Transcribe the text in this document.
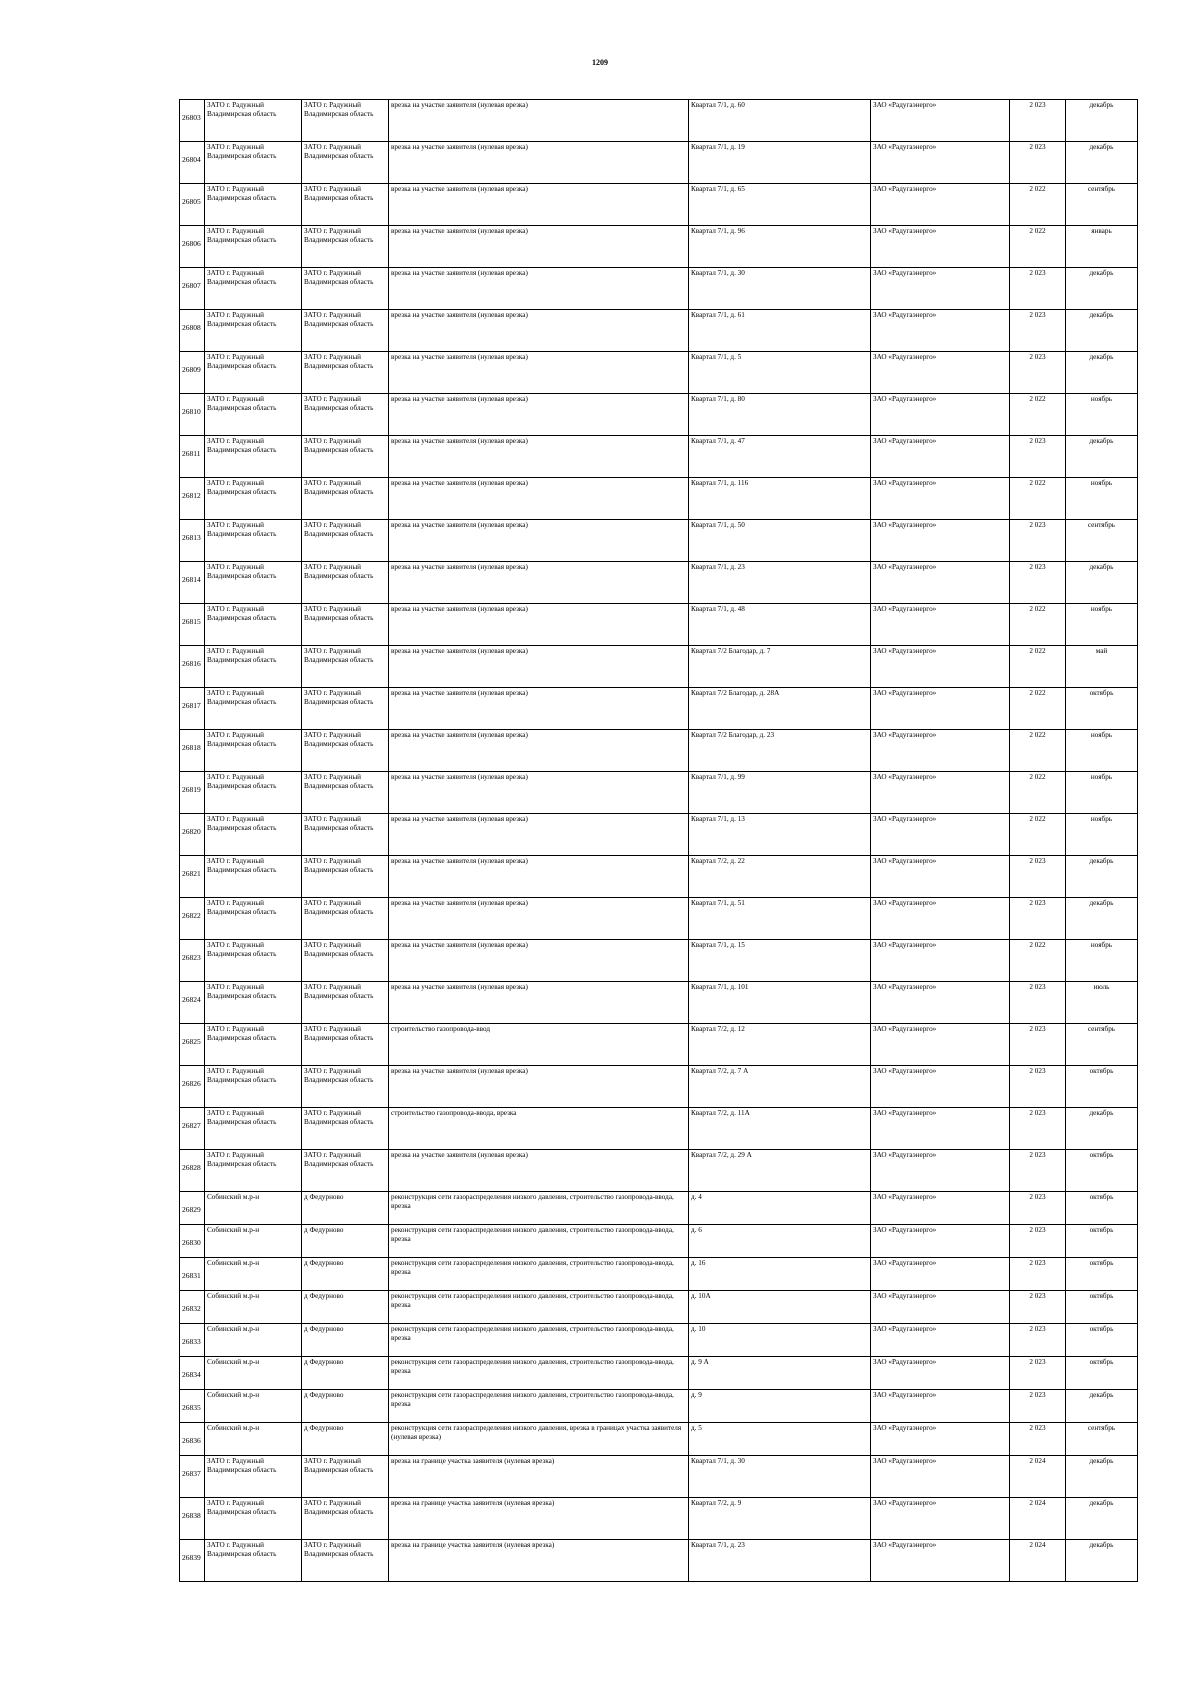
1209
26803	ЗАТО г. Радужный Владимирская область	ЗАТО г. Радужный Владимирская область	врезка на участке заявителя (нулевая врезка)	Квартал 7/1, д. 60	ЗАО «Радугаэнерго»	2 023	декабрь
26804	ЗАТО г. Радужный Владимирская область	ЗАТО г. Радужный Владимирская область	врезка на участке заявителя (нулевая врезка)	Квартал 7/1, д. 19	ЗАО «Радугаэнерго»	2 023	декабрь
26805	ЗАТО г. Радужный Владимирская область	ЗАТО г. Радужный Владимирская область	врезка на участке заявителя (нулевая врезка)	Квартал 7/1, д. 65	ЗАО «Радугаэнерго»	2 022	сентябрь
26806	ЗАТО г. Радужный Владимирская область	ЗАТО г. Радужный Владимирская область	врезка на участке заявителя (нулевая врезка)	Квартал 7/1, д. 96	ЗАО «Радугаэнерго»	2 022	январь
26807	ЗАТО г. Радужный Владимирская область	ЗАТО г. Радужный Владимирская область	врезка на участке заявителя (нулевая врезка)	Квартал 7/1, д. 30	ЗАО «Радугаэнерго»	2 023	декабрь
26808	ЗАТО г. Радужный Владимирская область	ЗАТО г. Радужный Владимирская область	врезка на участке заявителя (нулевая врезка)	Квартал 7/1, д. 61	ЗАО «Радугаэнерго»	2 023	декабрь
26809	ЗАТО г. Радужный Владимирская область	ЗАТО г. Радужный Владимирская область	врезка на участке заявителя (нулевая врезка)	Квартал 7/1, д. 5	ЗАО «Радугаэнерго»	2 023	декабрь
26810	ЗАТО г. Радужный Владимирская область	ЗАТО г. Радужный Владимирская область	врезка на участке заявителя (нулевая врезка)	Квартал 7/1, д. 80	ЗАО «Радугаэнерго»	2 022	ноябрь
26811	ЗАТО г. Радужный Владимирская область	ЗАТО г. Радужный Владимирская область	врезка на участке заявителя (нулевая врезка)	Квартал 7/1, д. 47	ЗАО «Радугаэнерго»	2 023	декабрь
26812	ЗАТО г. Радужный Владимирская область	ЗАТО г. Радужный Владимирская область	врезка на участке заявителя (нулевая врезка)	Квартал 7/1, д. 116	ЗАО «Радугаэнерго»	2 022	ноябрь
26813	ЗАТО г. Радужный Владимирская область	ЗАТО г. Радужный Владимирская область	врезка на участке заявителя (нулевая врезка)	Квартал 7/1, д. 50	ЗАО «Радугаэнерго»	2 023	сентябрь
26814	ЗАТО г. Радужный Владимирская область	ЗАТО г. Радужный Владимирская область	врезка на участке заявителя (нулевая врезка)	Квартал 7/1, д. 23	ЗАО «Радугаэнерго»	2 023	декабрь
26815	ЗАТО г. Радужный Владимирская область	ЗАТО г. Радужный Владимирская область	врезка на участке заявителя (нулевая врезка)	Квартал 7/1, д. 48	ЗАО «Радугаэнерго»	2 022	ноябрь
26816	ЗАТО г. Радужный Владимирская область	ЗАТО г. Радужный Владимирская область	врезка на участке заявителя (нулевая врезка)	Квартал 7/2 Благодар, д. 7	ЗАО «Радугаэнерго»	2 022	май
26817	ЗАТО г. Радужный Владимирская область	ЗАТО г. Радужный Владимирская область	врезка на участке заявителя (нулевая врезка)	Квартал 7/2 Благодар, д. 28А	ЗАО «Радугаэнерго»	2 022	октябрь
26818	ЗАТО г. Радужный Владимирская область	ЗАТО г. Радужный Владимирская область	врезка на участке заявителя (нулевая врезка)	Квартал 7/2 Благодар, д. 23	ЗАО «Радугаэнерго»	2 022	ноябрь
26819	ЗАТО г. Радужный Владимирская область	ЗАТО г. Радужный Владимирская область	врезка на участке заявителя (нулевая врезка)	Квартал 7/1, д. 99	ЗАО «Радугаэнерго»	2 022	ноябрь
26820	ЗАТО г. Радужный Владимирская область	ЗАТО г. Радужный Владимирская область	врезка на участке заявителя (нулевая врезка)	Квартал 7/1, д. 13	ЗАО «Радугаэнерго»	2 022	ноябрь
26821	ЗАТО г. Радужный Владимирская область	ЗАТО г. Радужный Владимирская область	врезка на участке заявителя (нулевая врезка)	Квартал 7/2, д. 22	ЗАО «Радугаэнерго»	2 023	декабрь
26822	ЗАТО г. Радужный Владимирская область	ЗАТО г. Радужный Владимирская область	врезка на участке заявителя (нулевая врезка)	Квартал 7/1, д. 51	ЗАО «Радугаэнерго»	2 023	декабрь
26823	ЗАТО г. Радужный Владимирская область	ЗАТО г. Радужный Владимирская область	врезка на участке заявителя (нулевая врезка)	Квартал 7/1, д. 15	ЗАО «Радугаэнерго»	2 022	ноябрь
26824	ЗАТО г. Радужный Владимирская область	ЗАТО г. Радужный Владимирская область	врезка на участке заявителя (нулевая врезка)	Квартал 7/1, д. 101	ЗАО «Радугаэнерго»	2 023	июль
26825	ЗАТО г. Радужный Владимирская область	ЗАТО г. Радужный Владимирская область	строительство газопровода-ввод	Квартал 7/2, д. 12	ЗАО «Радугаэнерго»	2 023	сентябрь
26826	ЗАТО г. Радужный Владимирская область	ЗАТО г. Радужный Владимирская область	врезка на участке заявителя (нулевая врезка)	Квартал 7/2, д. 7 А	ЗАО «Радугаэнерго»	2 023	октябрь
26827	ЗАТО г. Радужный Владимирская область	ЗАТО г. Радужный Владимирская область	строительство газопровода-ввода, врезка	Квартал 7/2, д. 11А	ЗАО «Радугаэнерго»	2 023	декабрь
26828	ЗАТО г. Радужный Владимирская область	ЗАТО г. Радужный Владимирская область	врезка на участке заявителя (нулевая врезка)	Квартал 7/2, д. 29 А	ЗАО «Радугаэнерго»	2 023	октябрь
26829	Собинский м.р-н	д Федурново	реконструкция сети газораспределения низкого давления, строительство газопровода-ввода, врезка	д. 4	ЗАО «Радугаэнерго»	2 023	октябрь
26830	Собинский м.р-н	д Федурново	реконструкция сети газораспределения низкого давления, строительство газопровода-ввода, врезка	д. 6	ЗАО «Радугаэнерго»	2 023	октябрь
26831	Собинский м.р-н	д Федурново	реконструкция сети газораспределения низкого давления, строительство газопровода-ввода, врезка	д. 16	ЗАО «Радугаэнерго»	2 023	октябрь
26832	Собинский м.р-н	д Федурново	реконструкция сети газораспределения низкого давления, строительство газопровода-ввода, врезка	д. 10А	ЗАО «Радугаэнерго»	2 023	октябрь
26833	Собинский м.р-н	д Федурново	реконструкция сети газораспределения низкого давления, строительство газопровода-ввода, врезка	д. 10	ЗАО «Радугаэнерго»	2 023	октябрь
26834	Собинский м.р-н	д Федурново	реконструкция сети газораспределения низкого давления, строительство газопровода-ввода, врезка	д. 9 А	ЗАО «Радугаэнерго»	2 023	октябрь
26835	Собинский м.р-н	д Федурново	реконструкция сети газораспределения низкого давления, строительство газопровода-ввода, врезка	д. 9	ЗАО «Радугаэнерго»	2 023	декабрь
26836	Собинский м.р-н	д Федурново	реконструкция сети газораспределения низкого давления, врезка в границах участка заявителя (нулевая врезка)	д. 5	ЗАО «Радугаэнерго»	2 023	сентябрь
26837	ЗАТО г. Радужный Владимирская область	ЗАТО г. Радужный Владимирская область	врезка на границе участка заявителя (нулевая врезка)	Квартал 7/1, д. 30	ЗАО «Радугаэнерго»	2 024	декабрь
26838	ЗАТО г. Радужный Владимирская область	ЗАТО г. Радужный Владимирская область	врезка на границе участка заявителя (нулевая врезка)	Квартал 7/2, д. 9	ЗАО «Радугаэнерго»	2 024	декабрь
26839	ЗАТО г. Радужный Владимирская область	ЗАТО г. Радужный Владимирская область	врезка на границе участка заявителя (нулевая врезка)	Квартал 7/1, д. 23	ЗАО «Радугаэнерго»	2 024	декабрь
